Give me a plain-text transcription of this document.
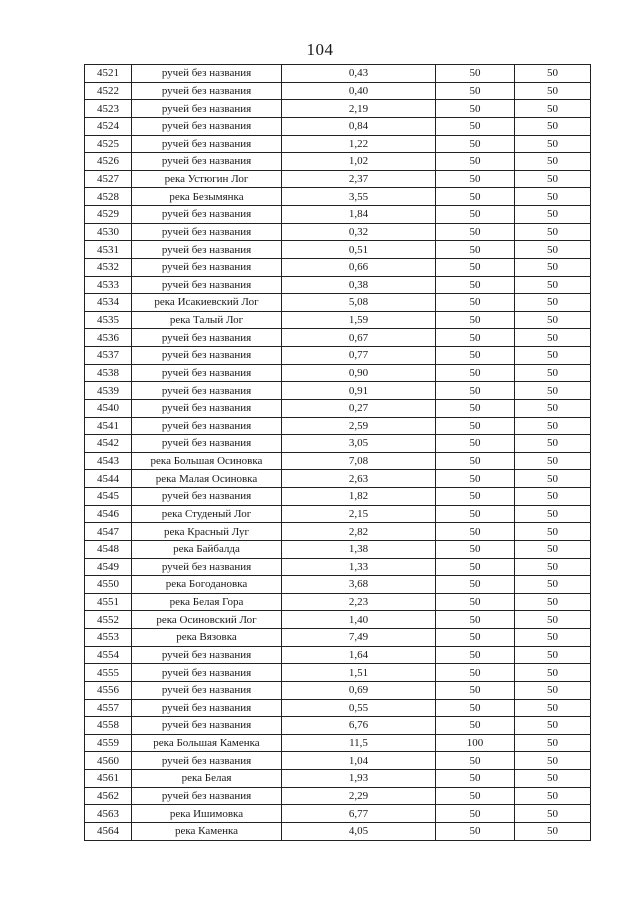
104
4521	ручей без названия	0,43	50	50
4522	ручей без названия	0,40	50	50
4523	ручей без названия	2,19	50	50
4524	ручей без названия	0,84	50	50
4525	ручей без названия	1,22	50	50
4526	ручей без названия	1,02	50	50
4527	река Устюгин Лог	2,37	50	50
4528	река Безымянка	3,55	50	50
4529	ручей без названия	1,84	50	50
4530	ручей без названия	0,32	50	50
4531	ручей без названия	0,51	50	50
4532	ручей без названия	0,66	50	50
4533	ручей без названия	0,38	50	50
4534	река Исакиевский Лог	5,08	50	50
4535	река Талый Лог	1,59	50	50
4536	ручей без названия	0,67	50	50
4537	ручей без названия	0,77	50	50
4538	ручей без названия	0,90	50	50
4539	ручей без названия	0,91	50	50
4540	ручей без названия	0,27	50	50
4541	ручей без названия	2,59	50	50
4542	ручей без названия	3,05	50	50
4543	река Большая Осиновка	7,08	50	50
4544	река Малая Осиновка	2,63	50	50
4545	ручей без названия	1,82	50	50
4546	река Студеный Лог	2,15	50	50
4547	река Красный Луг	2,82	50	50
4548	река Байбалда	1,38	50	50
4549	ручей без названия	1,33	50	50
4550	река Богодановка	3,68	50	50
4551	река Белая Гора	2,23	50	50
4552	река Осиновский Лог	1,40	50	50
4553	река Вязовка	7,49	50	50
4554	ручей без названия	1,64	50	50
4555	ручей без названия	1,51	50	50
4556	ручей без названия	0,69	50	50
4557	ручей без названия	0,55	50	50
4558	ручей без названия	6,76	50	50
4559	река Большая Каменка	11,5	100	50
4560	ручей без названия	1,04	50	50
4561	река Белая	1,93	50	50
4562	ручей без названия	2,29	50	50
4563	река Ишимовка	6,77	50	50
4564	река Каменка	4,05	50	50
